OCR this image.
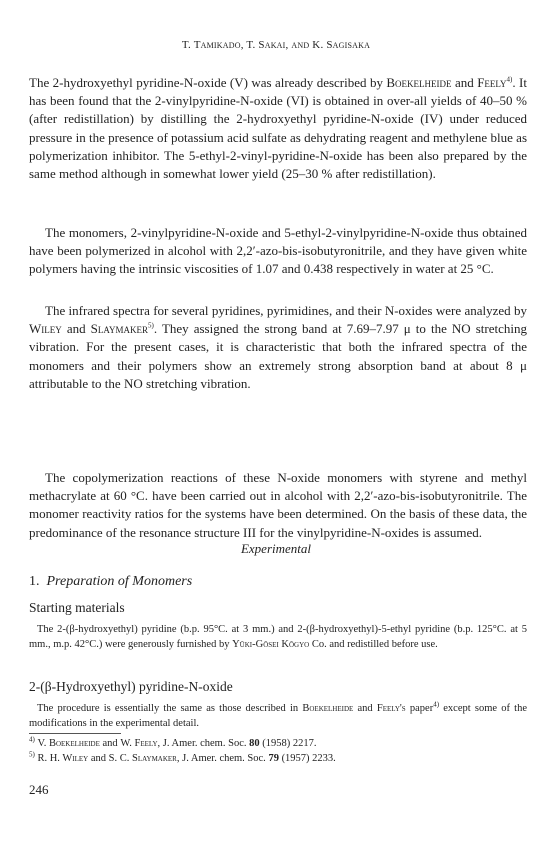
T. Tamikado, T. Sakai, and K. Sagisaka

The 2-hydroxyethyl pyridine-N-oxide (V) was already described by Boekelheide and Feely$^{4)}$. It has been found that the 2-vinylpyridine-N-oxide (VI) is obtained in over-all yields of 40–50 % (after redistillation) by distilling the 2-hydroxyethyl pyridine-N-oxide (IV) under reduced pressure in the presence of potassium acid sulfate as dehydrating reagent and methylene blue as polymerization inhibitor. The 5-ethyl-2-vinyl-pyridine-N-oxide has been also prepared by the same method although in somewhat lower yield (25–30 % after redistillation).

The monomers, 2-vinylpyridine-N-oxide and 5-ethyl-2-vinylpyridine-N-oxide thus obtained have been polymerized in alcohol with 2,2′-azo-bis-isobutyronitrile, and they have given white polymers having the intrinsic viscosities of 1.07 and 0.438 respectively in water at 25 °C.

The infrared spectra for several pyridines, pyrimidines, and their N-oxides were analyzed by Wiley and Slaymaker$^{5)}$. They assigned the strong band at 7.69–7.97 μ to the NO stretching vibration. For the present cases, it is characteristic that both the infrared spectra of the monomers and their polymers show an extremely strong absorption band at about 8 μ attributable to the NO stretching vibration.

The copolymerization reactions of these N-oxide monomers with styrene and methyl methacrylate at 60 °C. have been carried out in alcohol with 2,2′-azo-bis-isobutyronitrile. The monomer reactivity ratios for the systems have been determined. On the basis of these data, the predominance of the resonance structure III for the vinylpyridine-N-oxides is assumed.

Experimental
1. Preparation of Monomers
Starting materials
The 2-(β-hydroxyethyl) pyridine (b.p. 95°C. at 3 mm.) and 2-(β-hydroxyethyl)-5-ethyl pyridine (b.p. 125°C. at 5 mm., m.p. 42°C.) were generously furnished by Yūki-Gōsei Kōgyo Co. and redistilled before use.
2-(β-Hydroxyethyl) pyridine-N-oxide
The procedure is essentially the same as those described in Boekelheide and Feely's paper$^{4)}$ except some of the modifications in the experimental detail.
$^{4)}$ V. Boekelheide and W. Feely, J. Amer. chem. Soc. 80 (1958) 2217.
$^{5)}$ R. H. Wiley and S. C. Slaymaker, J. Amer. chem. Soc. 79 (1957) 2233.
246
